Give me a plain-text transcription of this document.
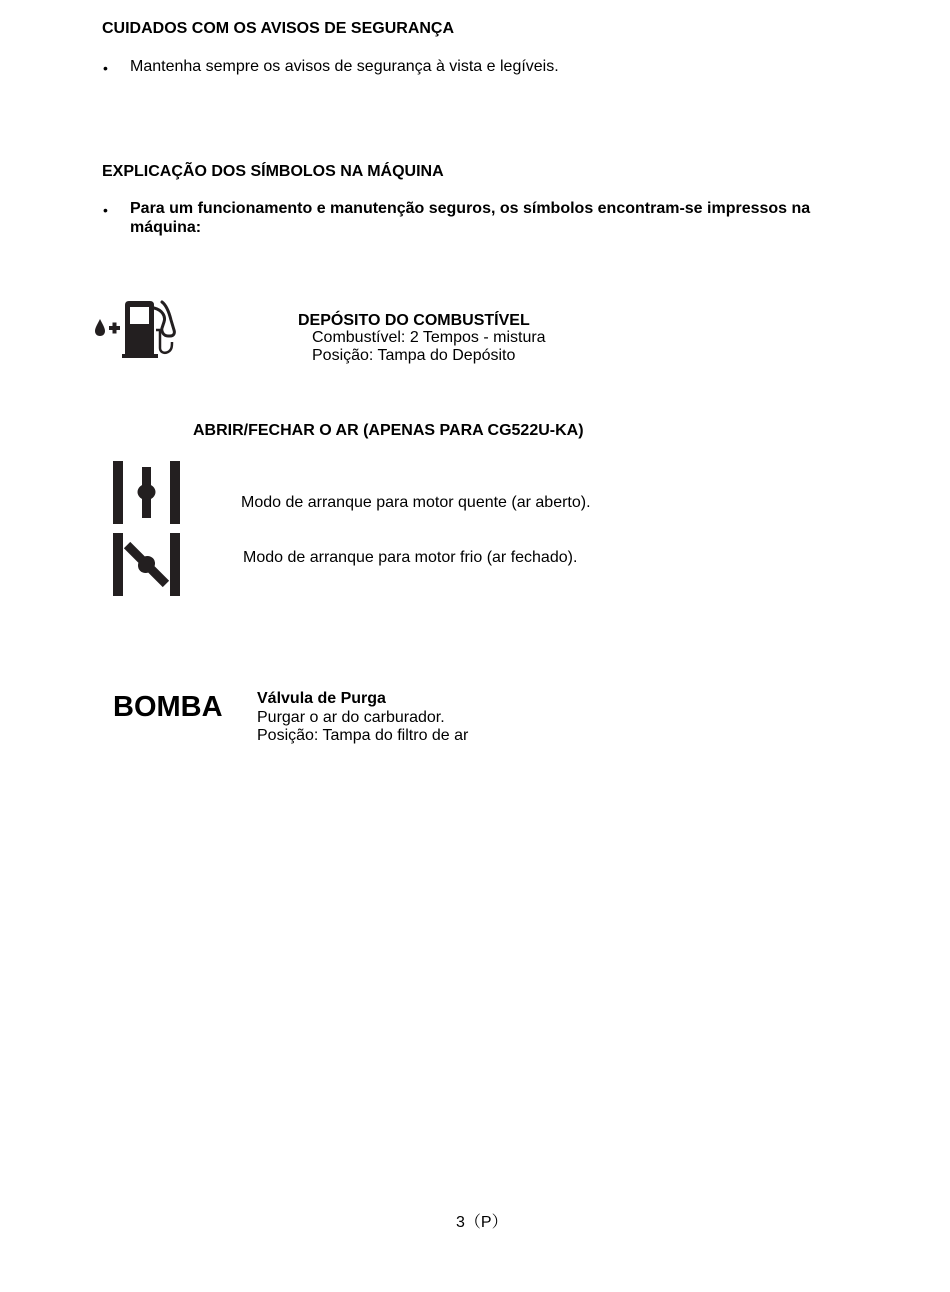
CUIDADOS COM OS AVISOS DE SEGURANÇA
• Mantenha sempre os avisos de segurança à vista e legíveis.
EXPLICAÇÃO DOS SÍMBOLOS NA MÁQUINA
• Para um funcionamento e manutenção seguros, os símbolos encontram-se impressos na
máquina:
DEPÓSITO DO COMBUSTÍVEL
Combustível: 2 Tempos - mistura
Posição: Tampa do Depósito
ABRIR/FECHAR O AR (APENAS PARA CG522U-KA)
Modo de arranque para motor quente (ar aberto).
Modo de arranque para motor frio (ar fechado).
BOMBA Válvula de Purga
Purgar o ar do carburador.
Posição: Tampa do filtro de ar
3（P）
